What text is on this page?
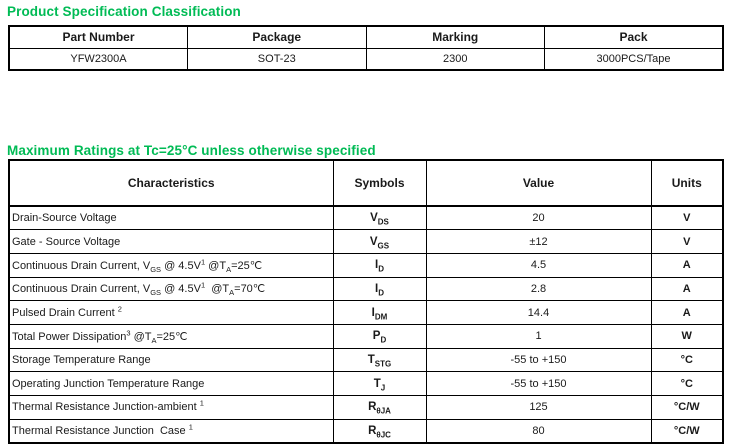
Product Specification Classification
Part Number	Package	Marking	Pack
YFW2300A	SOT-23	2300	3000PCS/Tape
Maximum Ratings at Tc=25°C unless otherwise specified
Characteristics	Symbols	Value	Units
Drain-Source Voltage	$V_{DS}$	20	V
Gate - Source Voltage	$V_{GS}$	±12	V
Continuous Drain Current, $V_{GS}$ @ $4.5V^1$ $@T_A=25℃$	$I_D$	4.5	A
Continuous Drain Current, $V_{GS}$ @ $4.5V^1$  $@T_A=70℃$	$I_D$	2.8	A
Pulsed Drain Current $^2$	$I_{DM}$	14.4	A
Total Power Dissipation$^3$ $@T_A=25℃$	$P_D$	1	W
Storage Temperature Range	$T_{STG}$	-55 to +150	°C
Operating Junction Temperature Range	$T_J$	-55 to +150	°C
Thermal Resistance Junction-ambient $^1$	$R_{\theta JA}$	125	°C/W
Thermal Resistance Junction  Case $^1$	$R_{\theta JC}$	80	°C/W
